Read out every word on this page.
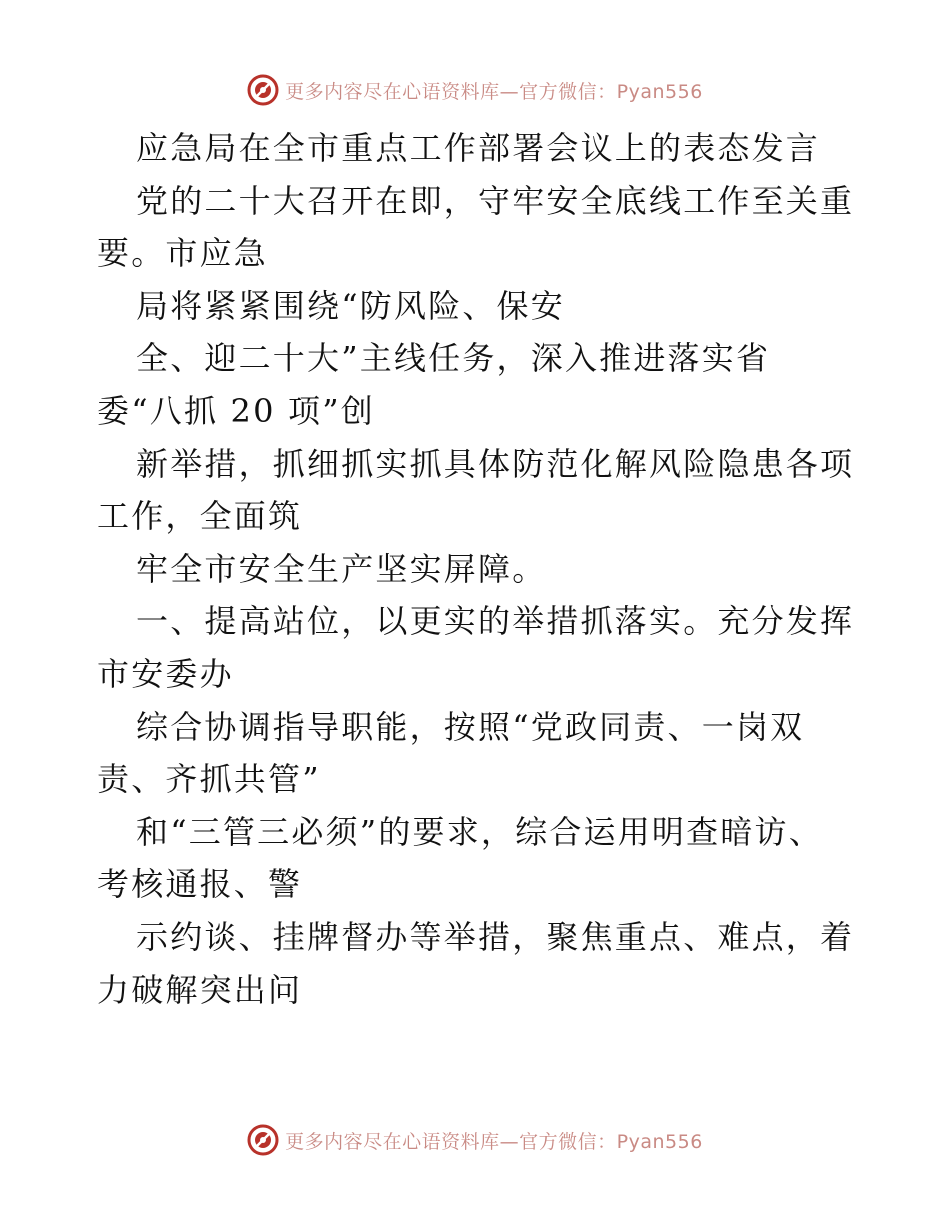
更多内容尽在心语资料库—官方微信：Pyan556
应急局在全市重点工作部署会议上的表态发言
党的二十大召开在即，守牢安全底线工作至关重
要。市应急
局将紧紧围绕“防风险、保安
全、迎二十大”主线任务，深入推进落实省
委“八抓 20 项”创
新举措，抓细抓实抓具体防范化解风险隐患各项
工作，全面筑
牢全市安全生产坚实屏障。
一、提高站位，以更实的举措抓落实。充分发挥
市安委办
综合协调指导职能，按照“党政同责、一岗双
责、齐抓共管”
和“三管三必须”的要求，综合运用明查暗访、
考核通报、警
示约谈、挂牌督办等举措，聚焦重点、难点，着
力破解突出问
更多内容尽在心语资料库—官方微信：Pyan556
